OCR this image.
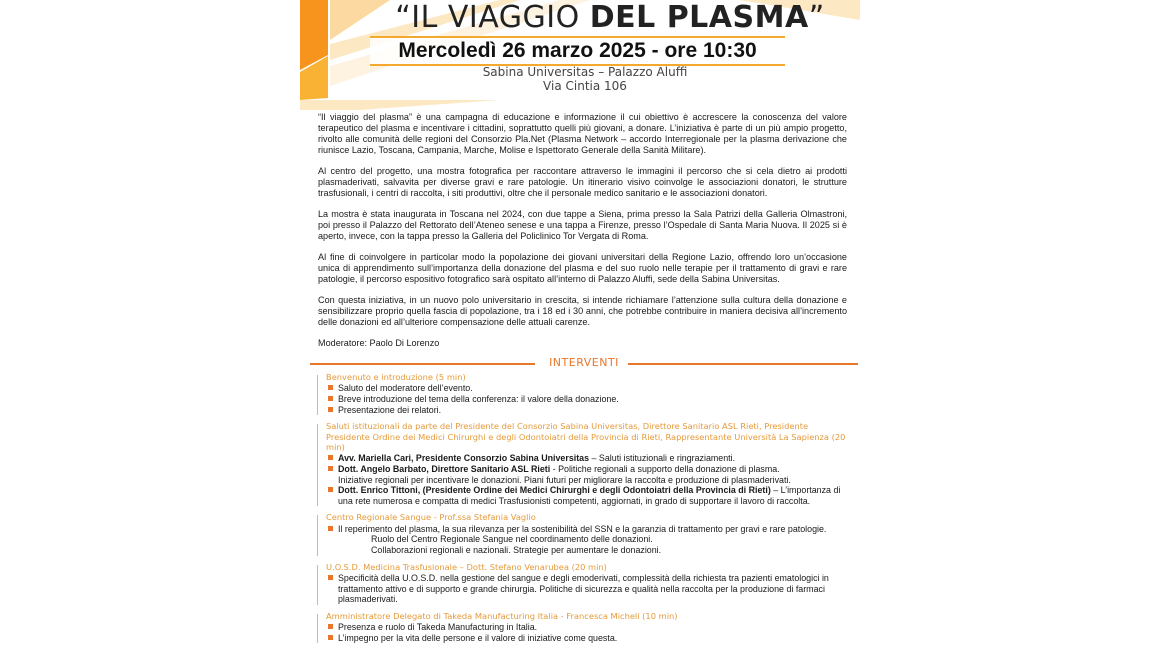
“IL VIAGGIO DEL PLASMA”
Mercoledì 26 marzo 2025 - ore 10:30
Sabina Universitas – Palazzo Aluffi
Via Cintia 106

“Il viaggio del plasma” è una campagna di educazione e informazione il cui obiettivo è accrescere la conoscenza del valore terapeutico del plasma e incentivare i cittadini, soprattutto quelli più giovani, a donare. L’iniziativa è parte di un più ampio progetto, rivolto alle comunità delle regioni del Consorzio Pla.Net (Plasma Network – accordo Interregionale per la plasma derivazione che riunisce Lazio, Toscana, Campania, Marche, Molise e Ispettorato Generale della Sanità Militare).

Al centro del progetto, una mostra fotografica per raccontare attraverso le immagini il percorso che si cela dietro ai prodotti plasmaderivati, salvavita per diverse gravi e rare patologie. Un itinerario visivo coinvolge le associazioni donatori, le strutture trasfusionali, i centri di raccolta, i siti produttivi, oltre che il personale medico sanitario e le associazioni donatori.

La mostra è stata inaugurata in Toscana nel 2024, con due tappe a Siena, prima presso la Sala Patrizi della Galleria Olmastroni, poi presso il Palazzo del Rettorato dell’Ateneo senese e una tappa a Firenze, presso l’Ospedale di Santa Maria Nuova. Il 2025 si è aperto, invece, con la tappa presso la Galleria del Policlinico Tor Vergata di Roma.

Al fine di coinvolgere in particolar modo la popolazione dei giovani universitari della Regione Lazio, offrendo loro un’occasione unica di apprendimento sull’importanza della donazione del plasma e del suo ruolo nelle terapie per il trattamento di gravi e rare patologie, il percorso espositivo fotografico sarà ospitato all’interno di Palazzo Aluffi, sede della Sabina Universitas.

Con questa iniziativa, in un nuovo polo universitario in crescita, si intende richiamare l’attenzione sulla cultura della donazione e sensibilizzare proprio quella fascia di popolazione, tra i 18 ed i 30 anni, che potrebbe contribuire in maniera decisiva all’incremento delle donazioni ed all’ulteriore compensazione delle attuali carenze.

Moderatore: Paolo Di Lorenzo

INTERVENTI
Benvenuto e introduzione (5 min)
Saluto del moderatore dell’evento.
Breve introduzione del tema della conferenza: il valore della donazione.
Presentazione dei relatori.
Saluti istituzionali da parte del Presidente del Consorzio Sabina Universitas, Direttore Sanitario ASL Rieti, Presidente Presidente Ordine dei Medici Chirurghi e degli Odontoiatri della Provincia di Rieti, Rappresentante Università La Sapienza (20 min)
Avv. Mariella Cari, Presidente Consorzio Sabina Universitas – Saluti istituzionali e ringraziamenti.
Dott. Angelo Barbato, Direttore Sanitario ASL Rieti - Politiche regionali a supporto della donazione di plasma.
Iniziative regionali per incentivare le donazioni. Piani futuri per migliorare la raccolta e produzione di plasmaderivati.
Dott. Enrico Tittoni, (Presidente Ordine dei Medici Chirurghi e degli Odontoiatri della Provincia di Rieti) – L’importanza di
una rete numerosa e compatta di medici Trasfusionisti competenti, aggiornati, in grado di supportare il lavoro di raccolta.
Centro Regionale Sangue - Prof.ssa Stefania Vaglio
Il reperimento del plasma, la sua rilevanza per la sostenibilità del SSN e la garanzia di trattamento per gravi e rare patologie.
Ruolo del Centro Regionale Sangue nel coordinamento delle donazioni.
Collaborazioni regionali e nazionali. Strategie per aumentare le donazioni.
U.O.S.D. Medicina Trasfusionale – Dott. Stefano Venarubea (20 min)
Specificità della U.O.S.D. nella gestione del sangue e degli emoderivati, complessità della richiesta tra pazienti ematologici in trattamento attivo e di supporto e grande chirurgia. Politiche di sicurezza e qualità nella raccolta per la produzione di farmaci plasmaderivati.
Amministratore Delegato di Takeda Manufacturing Italia - Francesca Micheli (10 min)
Presenza e ruolo di Takeda Manufacturing in Italia.
L’impegno per la vita delle persone e il valore di iniziative come questa.
